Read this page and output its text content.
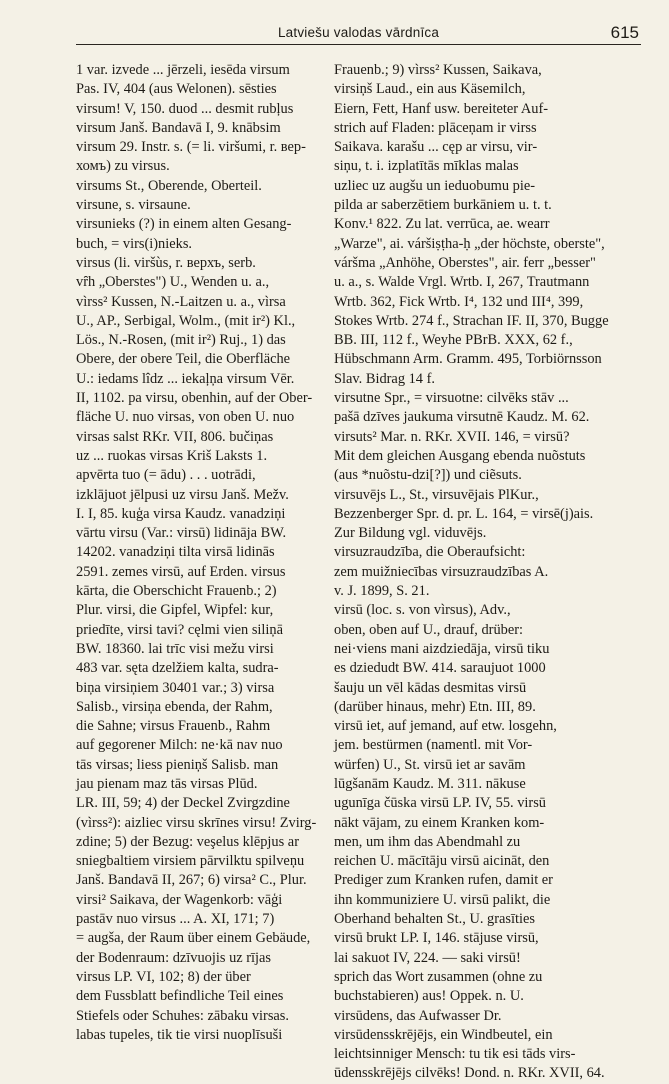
Latviešu valodas vārdnīca	615
1 var. izvede ... jērzeli, iesēda virsum
Pas. IV, 404 (aus Welonen). sēsties
virsum! V, 150. duod ... desmit rubļus
virsum Janš. Bandavā I, 9. knābsim
virsum 29. Instr. s. (= li. viršumi, r. вер-
хомъ) zu virsus.
virsums St., Oberende, Oberteil.
virsune, s. virsaune.
virsunieks (?) in einem alten Gesang-
buch, = virs(i)nieks.
virsus (li. viršùs, r. верхъ, serb.
vȓh „Oberstes") U., Wenden u. a.,
vìrss² Kussen, N.-Laitzen u. a., vìrsa
U., AP., Serbigal, Wolm., (mit ir²) Kl.,
Lös., N.-Rosen, (mit ir²) Ruj., 1) das
Obere, der obere Teil, die Oberfläche
U.: iedams lîdz ... iekaļņa virsum Vēr.
II, 1102. pa virsu, obenhin, auf der Ober-
fläche U. nuo virsas, von oben U. nuo
virsas salst RKr. VII, 806. bučiņas
uz ... ruokas virsas Kriš Laksts 1.
apvērta tuo (= ādu) . . . uotrādi,
izklājuot jēlpusi uz virsu Janš. Mežv.
I. I, 85. kuģa virsa Kaudz. vanadziņi
vārtu virsu (Var.: virsū) lidināja BW.
14202. vanadziņi tilta virsā lidinās
2591. zemes virsū, auf Erden. virsus
kārta, die Oberschicht Frauenb.; 2)
Plur. virsi, die Gipfel, Wipfel: kur,
priedīte, virsi tavi? cęlmi vien siliņā
BW. 18360. lai trīc visi mežu virsi
483 var. sęta dzelžiem kalta, sudra-
biņa virsiņiem 30401 var.; 3) virsa
Salisb., virsiņa ebenda, der Rahm,
die Sahne; virsus Frauenb., Rahm
auf gegorener Milch: ne·kā nav nuo
tās virsas; liess pieniņš Salisb. man
jau pienam maz tās virsas Plūd.
LR. III, 59; 4) der Deckel Zvirgzdine
(vìrss²): aizliec virsu skrīnes virsu! Zvirg-
zdine; 5) der Bezug: veşelus klēpjus ar
sniegbaltiem virsiem pārvilktu spilveņu
Janš. Bandavā II, 267; 6) virsa² C., Plur.
virsi² Saikava, der Wagenkorb: vāģi
pastāv nuo virsus ... A. XI, 171; 7)
= augša, der Raum über einem Gebäude,
der Bodenraum: dzīvuojis uz rījas
virsus LP. VI, 102; 8) der über
dem Fussblatt befindliche Teil eines
Stiefels oder Schuhes: zābaku virsas.
labas tupeles, tik tie virsi nuoplīsuši
Frauenb.; 9) vìrss² Kussen, Saikava,
virsiņš Laud., ein aus Käsemilch,
Eiern, Fett, Hanf usw. bereiteter Auf-
strich auf Fladen: plāceņam ir virss
Saikava. karašu ... cęp ar virsu, vir-
siņu, t. i. izplatītās mīklas malas
uzliec uz augšu un ieduobumu pie-
pilda ar saberzētiem burkāniem u. t. t.
Konv.¹ 822. Zu lat. verrūca, ae. wearr
„Warze", ai. váršiṣṭha-ḥ „der höchste, oberste",
váršma „Anhöhe, Oberstes", air. ferr „besser"
u. a., s. Walde Vrgl. Wrtb. I, 267, Trautmann
Wrtb. 362, Fick Wrtb. I⁴, 132 und III⁴, 399,
Stokes Wrtb. 274 f., Strachan IF. II, 370, Bugge
BB. III, 112 f., Weyhe PBrB. XXX, 62 f.,
Hübschmann Arm. Gramm. 495, Torbiörnsson
Slav. Bidrag 14 f.
virsutne Spr., = virsuotne: cilvēks stāv ...
pašā dzīves jaukuma virsutnē Kaudz. M. 62.
virsuts² Mar. n. RKr. XVII. 146, = virsū?
Mit dem gleichen Ausgang ebenda nuõstuts
(aus *nuõstu-dzi[?]) und ciẽsuts.
virsuvējs L., St., virsuvējais PlKur.,
Bezzenberger Spr. d. pr. L. 164, = virsē(j)ais.
Zur Bildung vgl. viduvējs.
virsuzraudzība, die Oberaufsicht:
zem muižniecības virsuzraudzības A.
v. J. 1899, S. 21.
virsū (loc. s. von vìrsus), Adv.,
oben, oben auf U., drauf, drüber:
nei·viens mani aizdziedāja, virsū tiku
es dziedudt BW. 414. saraujuot 1000
šauju un vēl kādas desmitas virsū
(darüber hinaus, mehr) Etn. III, 89.
virsū iet, auf jemand, auf etw. losgehn,
jem. bestürmen (namentl. mit Vor-
würfen) U., St. virsū iet ar savām
lūgšanām Kaudz. M. 311. nākuse
ugunīga čūska virsū LP. IV, 55. virsū
nākt vājam, zu einem Kranken kom-
men, um ihm das Abendmahl zu
reichen U. mācītāju virsū aicināt, den
Prediger zum Kranken rufen, damit er
ihn kommuniziere U. virsū palikt, die
Oberhand behalten St., U. grasīties
virsū brukt LP. I, 146. stājuse virsū,
lai sakuot IV, 224. — saki virsū!
sprich das Wort zusammen (ohne zu
buchstabieren) aus! Oppek. n. U.
virsūdens, das Aufwasser Dr.
virsūdensskrējējs, ein Windbeutel, ein
leichtsinniger Mensch: tu tik esi tāds virs-
ūdensskrējējs cilvēks! Dond. n. RKr. XVII, 64.
